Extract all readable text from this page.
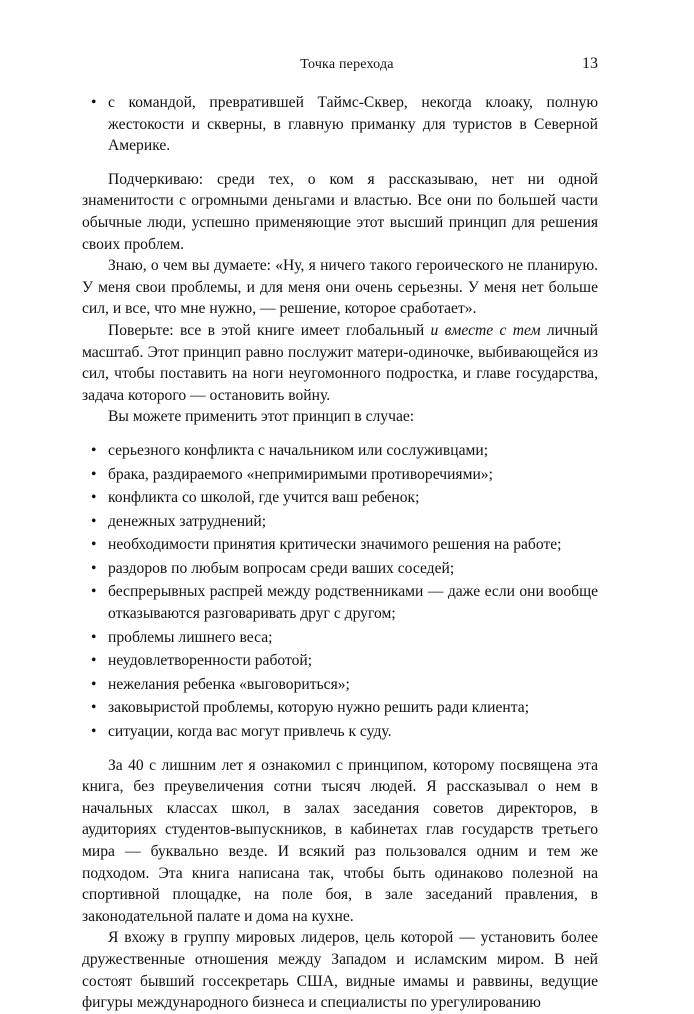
Точка перехода	13
• с командой, превратившей Таймс-Сквер, некогда клоаку, полную жестокости и скверны, в главную приманку для туристов в Северной Америке.

Подчеркиваю: среди тех, о ком я рассказываю, нет ни одной знаменитости с огромными деньгами и властью. Все они по большей части обычные люди, успешно применяющие этот высший принцип для решения своих проблем.

Знаю, о чем вы думаете: «Ну, я ничего такого героического не планирую. У меня свои проблемы, и для меня они очень серьезны. У меня нет больше сил, и все, что мне нужно, — решение, которое сработает».

Поверьте: все в этой книге имеет глобальный и вместе с тем личный масштаб. Этот принцип равно послужит матери-одиночке, выбивающейся из сил, чтобы поставить на ноги неугомонного подростка, и главе государства, задача которого — остановить войну.

Вы можете применить этот принцип в случае:

• серьезного конфликта с начальником или сослуживцами;
• брака, раздираемого «непримиримыми противоречиями»;
• конфликта со школой, где учится ваш ребенок;
• денежных затруднений;
• необходимости принятия критически значимого решения на работе;
• раздоров по любым вопросам среди ваших соседей;
• беспрерывных распрей между родственниками — даже если они вообще отказываются разговаривать друг с другом;
• проблемы лишнего веса;
• неудовлетворенности работой;
• нежелания ребенка «выговориться»;
• заковыристой проблемы, которую нужно решить ради клиента;
• ситуации, когда вас могут привлечь к суду.

За 40 с лишним лет я ознакомил с принципом, которому посвящена эта книга, без преувеличения сотни тысяч людей. Я рассказывал о нем в начальных классах школ, в залах заседания советов директоров, в аудиториях студентов-выпускников, в кабинетах глав государств третьего мира — буквально везде. И всякий раз пользовался одним и тем же подходом. Эта книга написана так, чтобы быть одинаково полезной на спортивной площадке, на поле боя, в зале заседаний правления, в законодательной палате и дома на кухне.

Я вхожу в группу мировых лидеров, цель которой — установить более дружественные отношения между Западом и исламским миром. В ней состоят бывший госсекретарь США, видные имамы и раввины, ведущие фигуры международного бизнеса и специалисты по урегулированию
